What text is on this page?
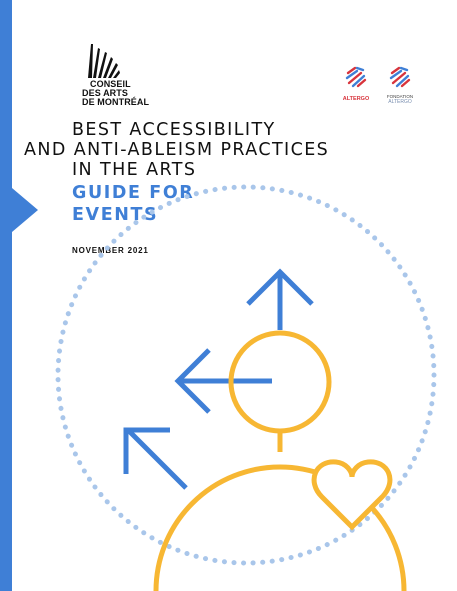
CONSEIL
DES ARTS
DE MONTRÉAL	ALTERGO	FONDATION
ALTERGO
BEST ACCESSIBILITY
AND ANTI-ABLEISM PRACTICES
IN THE ARTS
GUIDE FOR
EVENTS
NOVEMBER 2021
